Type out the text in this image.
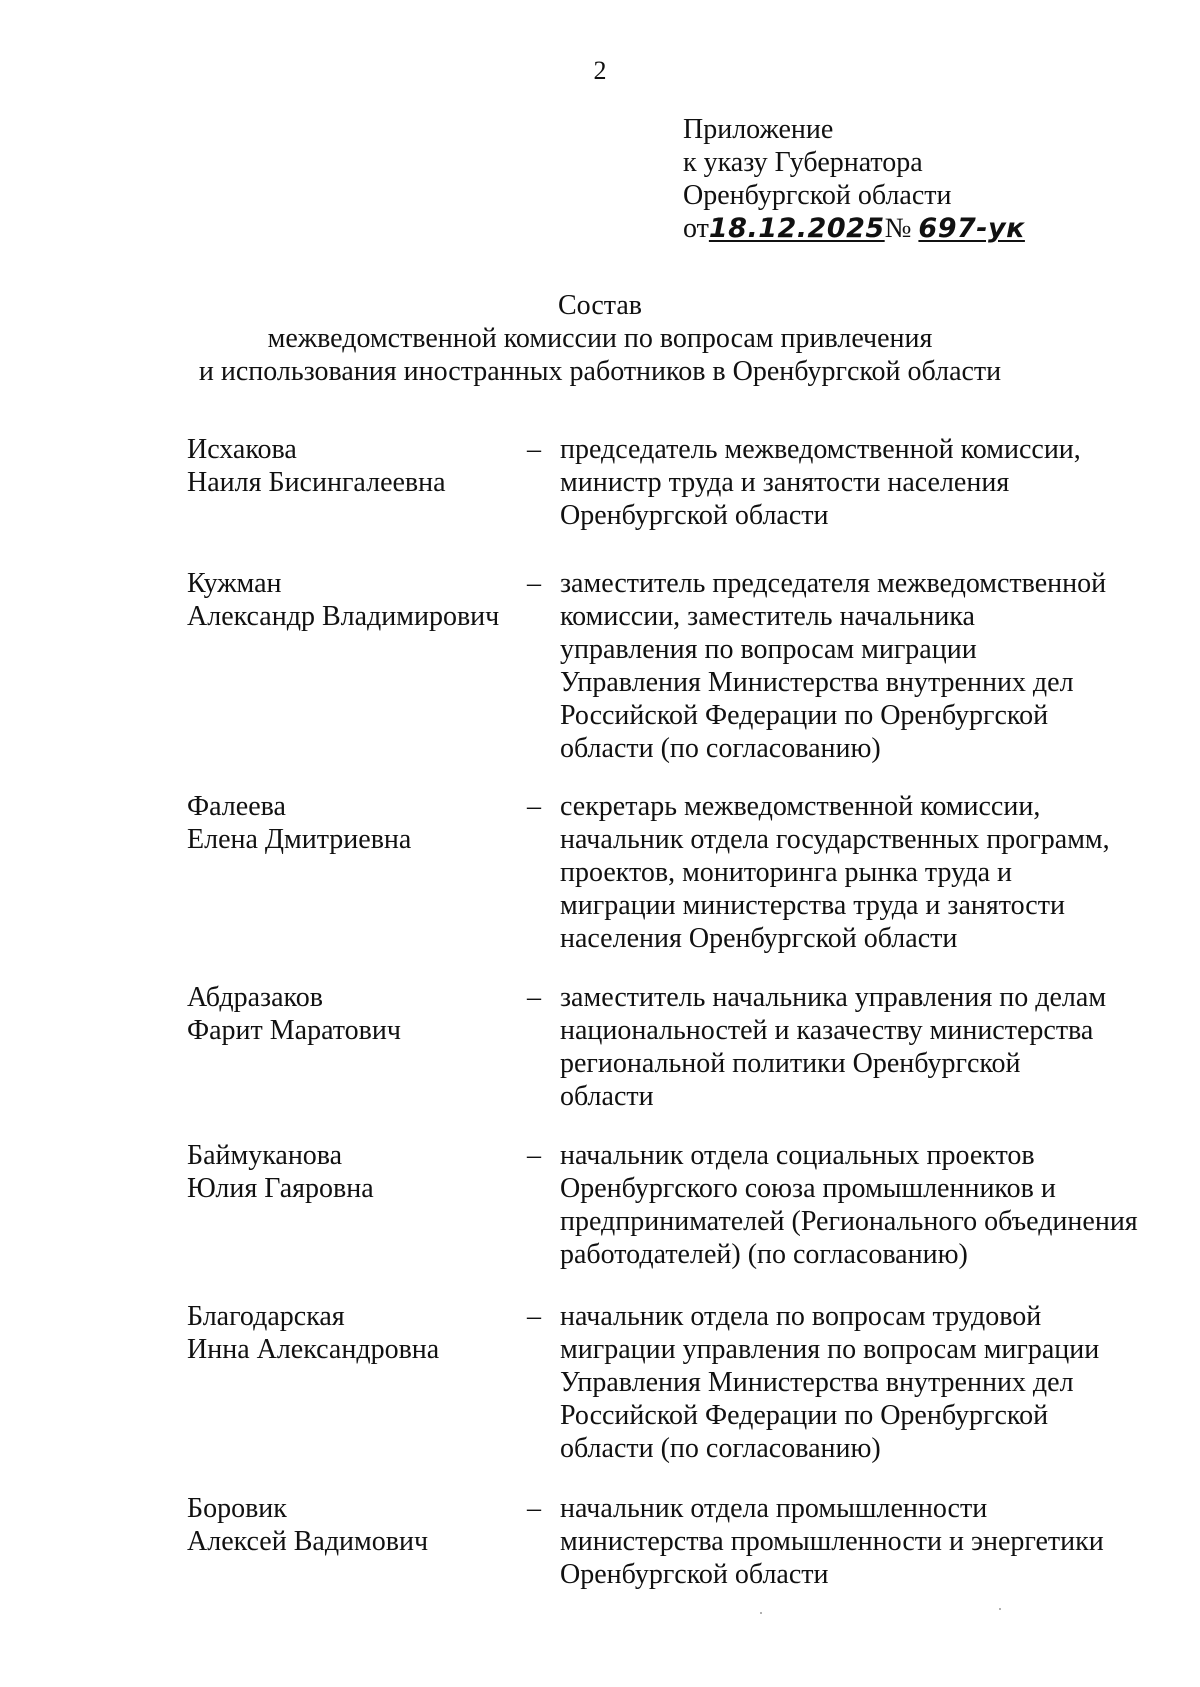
2
Приложение
к указу Губернатора
Оренбургской области
от18.12.2025№ 697-ук
Состав
межведомственной комиссии по вопросам привлечения
и использования иностранных работников в Оренбургской области
Исхакова
Наиля Бисингалеевна
– председатель межведомственной комиссии,
министр труда и занятости населения
Оренбургской области
Кужман
Александр Владимирович
– заместитель председателя межведомственной
комиссии, заместитель начальника
управления по вопросам миграции
Управления Министерства внутренних дел
Российской Федерации по Оренбургской
области (по согласованию)
Фалеева
Елена Дмитриевна
– секретарь межведомственной комиссии,
начальник отдела государственных программ,
проектов, мониторинга рынка труда и
миграции министерства труда и занятости
населения Оренбургской области
Абдразаков
Фарит Маратович
– заместитель начальника управления по делам
национальностей и казачеству министерства
региональной политики Оренбургской
области
Баймуканова
Юлия Гаяровна
– начальник отдела социальных проектов
Оренбургского союза промышленников и
предпринимателей (Регионального объединения
работодателей) (по согласованию)
Благодарская
Инна Александровна
– начальник отдела по вопросам трудовой
миграции управления по вопросам миграции
Управления Министерства внутренних дел
Российской Федерации по Оренбургской
области (по согласованию)
Боровик
Алексей Вадимович
– начальник отдела промышленности
министерства промышленности и энергетики
Оренбургской области
